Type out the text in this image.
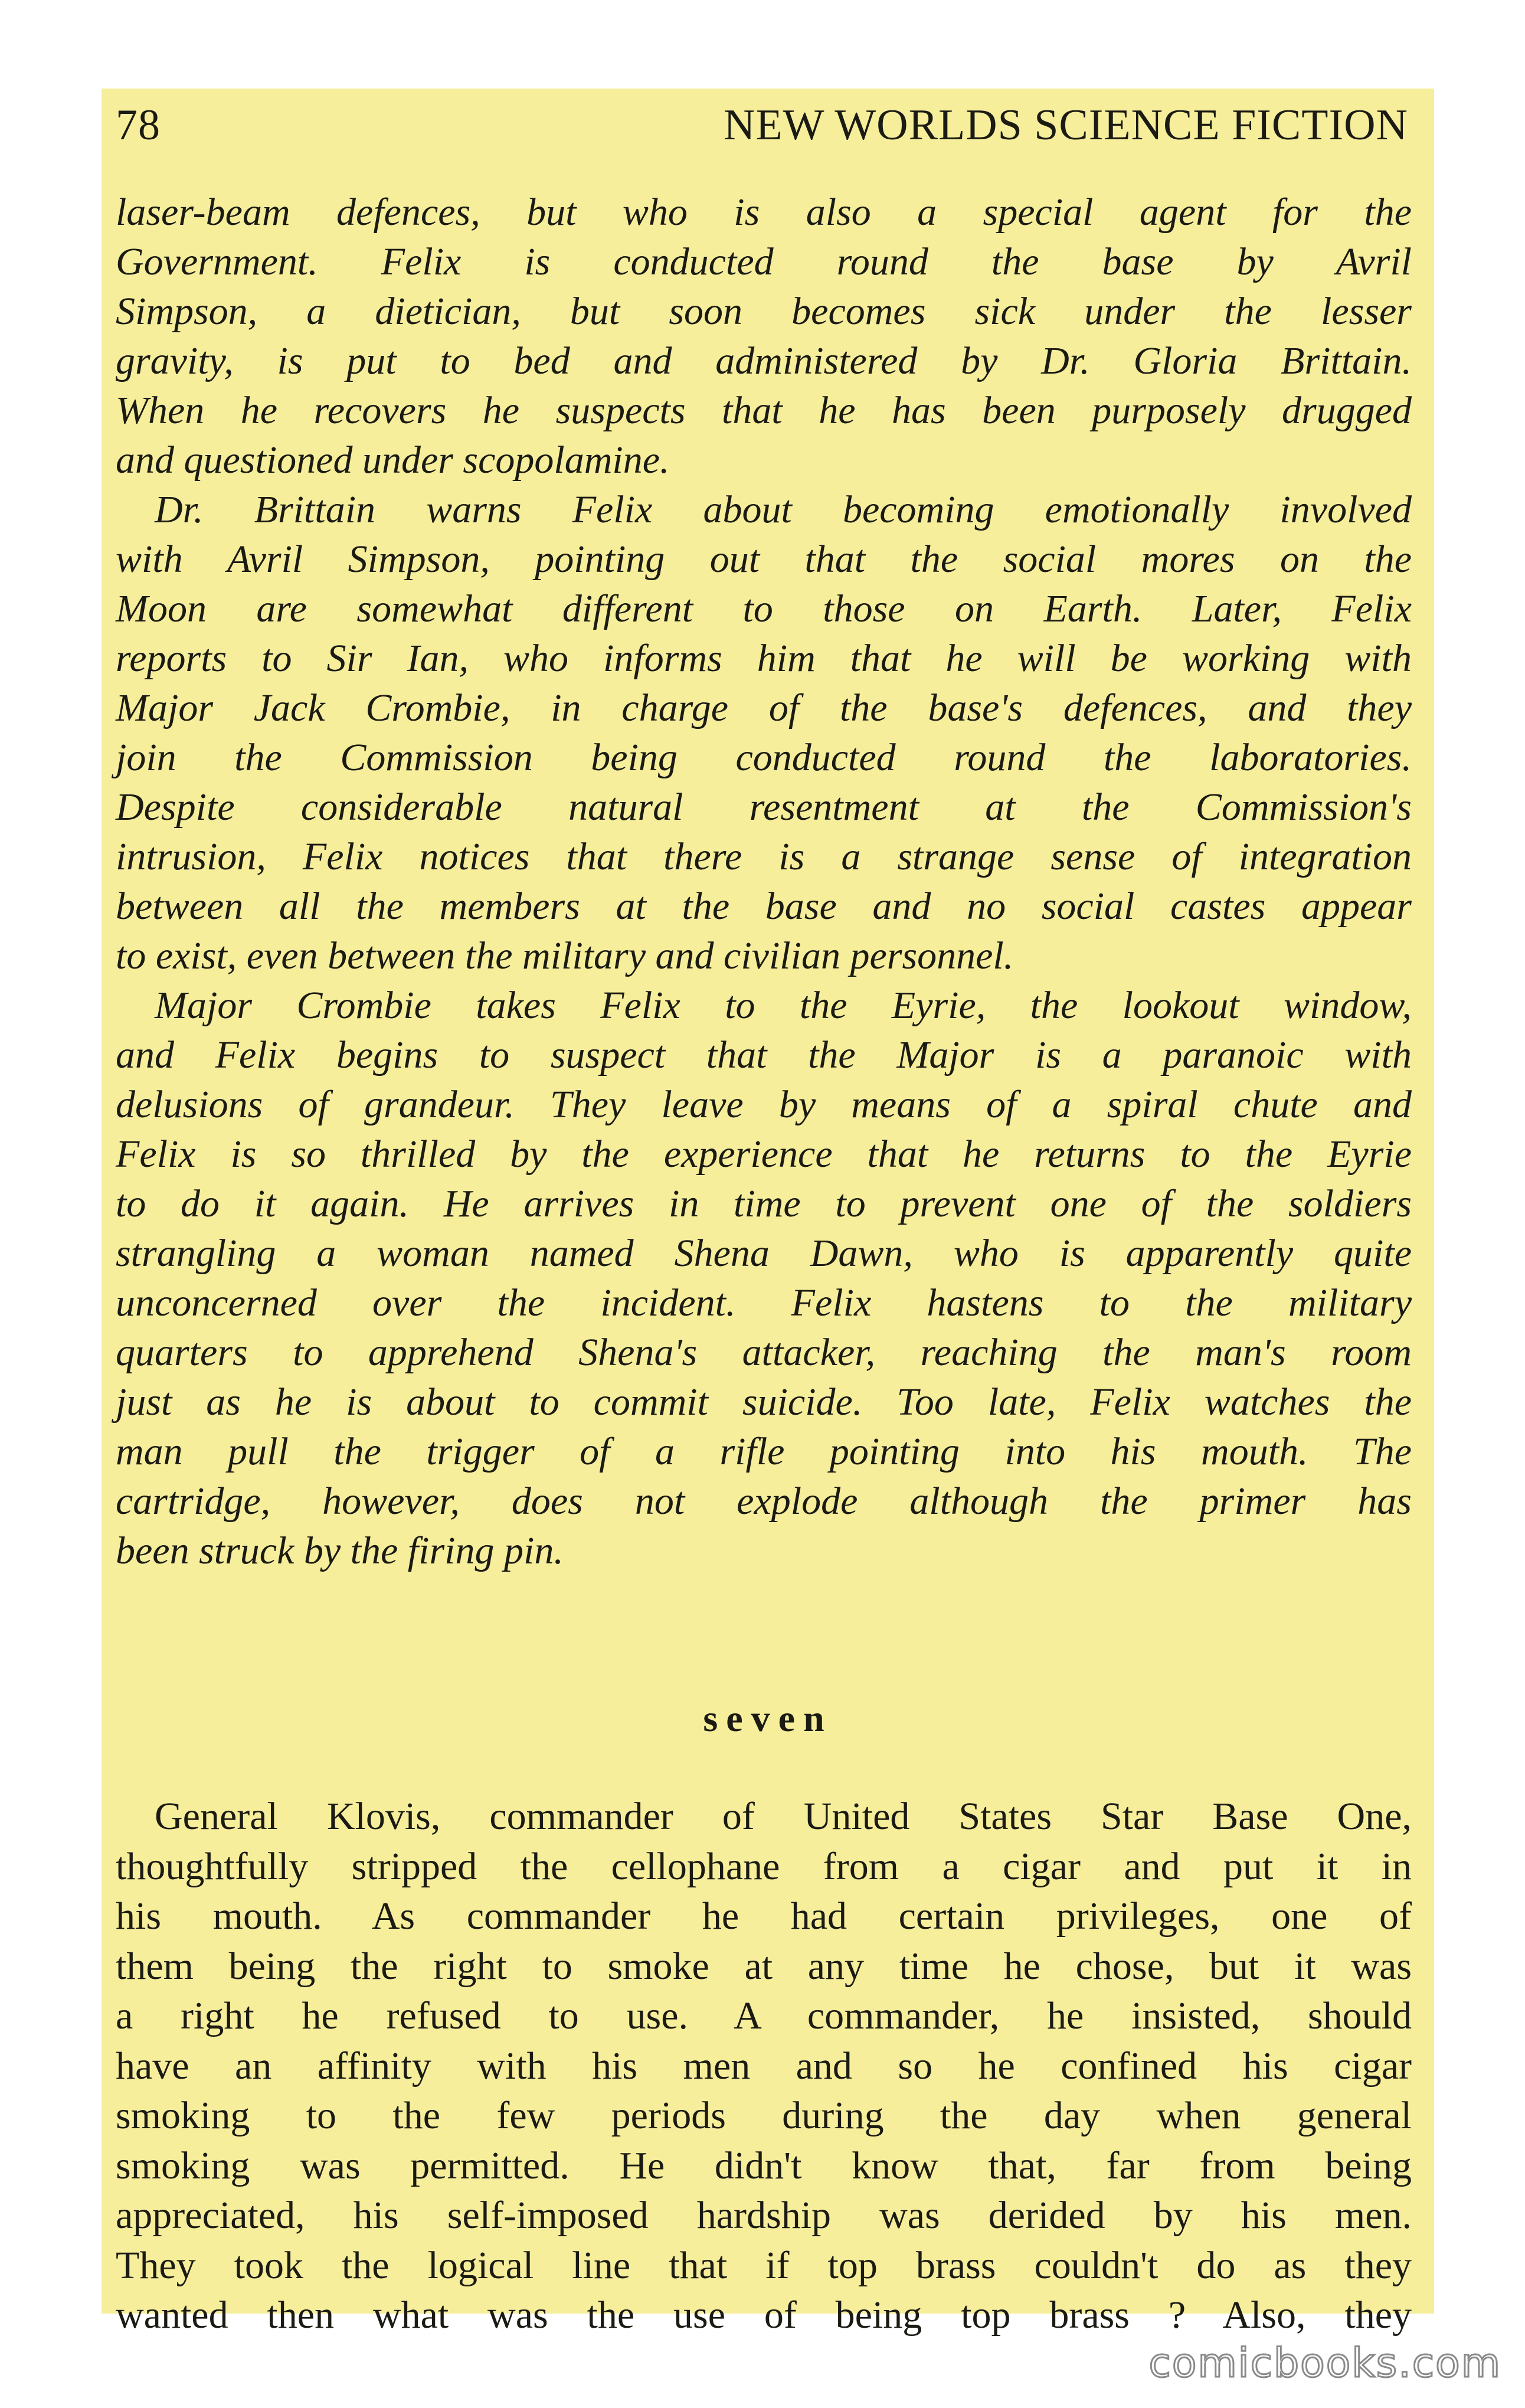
78	NEW WORLDS SCIENCE FICTION
laser-beam defences, but who is also a special agent for the
Government. Felix is conducted round the base by Avril
Simpson, a dietician, but soon becomes sick under the lesser
gravity, is put to bed and administered by Dr. Gloria Brittain.
When he recovers he suspects that he has been purposely drugged
and questioned under scopolamine.
Dr. Brittain warns Felix about becoming emotionally involved
with Avril Simpson, pointing out that the social mores on the
Moon are somewhat different to those on Earth. Later, Felix
reports to Sir Ian, who informs him that he will be working with
Major Jack Crombie, in charge of the base's defences, and they
join the Commission being conducted round the laboratories.
Despite considerable natural resentment at the Commission's
intrusion, Felix notices that there is a strange sense of integration
between all the members at the base and no social castes appear
to exist, even between the military and civilian personnel.
Major Crombie takes Felix to the Eyrie, the lookout window,
and Felix begins to suspect that the Major is a paranoic with
delusions of grandeur. They leave by means of a spiral chute and
Felix is so thrilled by the experience that he returns to the Eyrie
to do it again. He arrives in time to prevent one of the soldiers
strangling a woman named Shena Dawn, who is apparently quite
unconcerned over the incident. Felix hastens to the military
quarters to apprehend Shena's attacker, reaching the man's room
just as he is about to commit suicide. Too late, Felix watches the
man pull the trigger of a rifle pointing into his mouth. The
cartridge, however, does not explode although the primer has
been struck by the firing pin.
seven
General Klovis, commander of United States Star Base One,
thoughtfully stripped the cellophane from a cigar and put it in
his mouth. As commander he had certain privileges, one of
them being the right to smoke at any time he chose, but it was
a right he refused to use. A commander, he insisted, should
have an affinity with his men and so he confined his cigar
smoking to the few periods during the day when general
smoking was permitted. He didn't know that, far from being
appreciated, his self-imposed hardship was derided by his men.
They took the logical line that if top brass couldn't do as they
wanted then what was the use of being top brass ? Also, they
comicbooks.com
